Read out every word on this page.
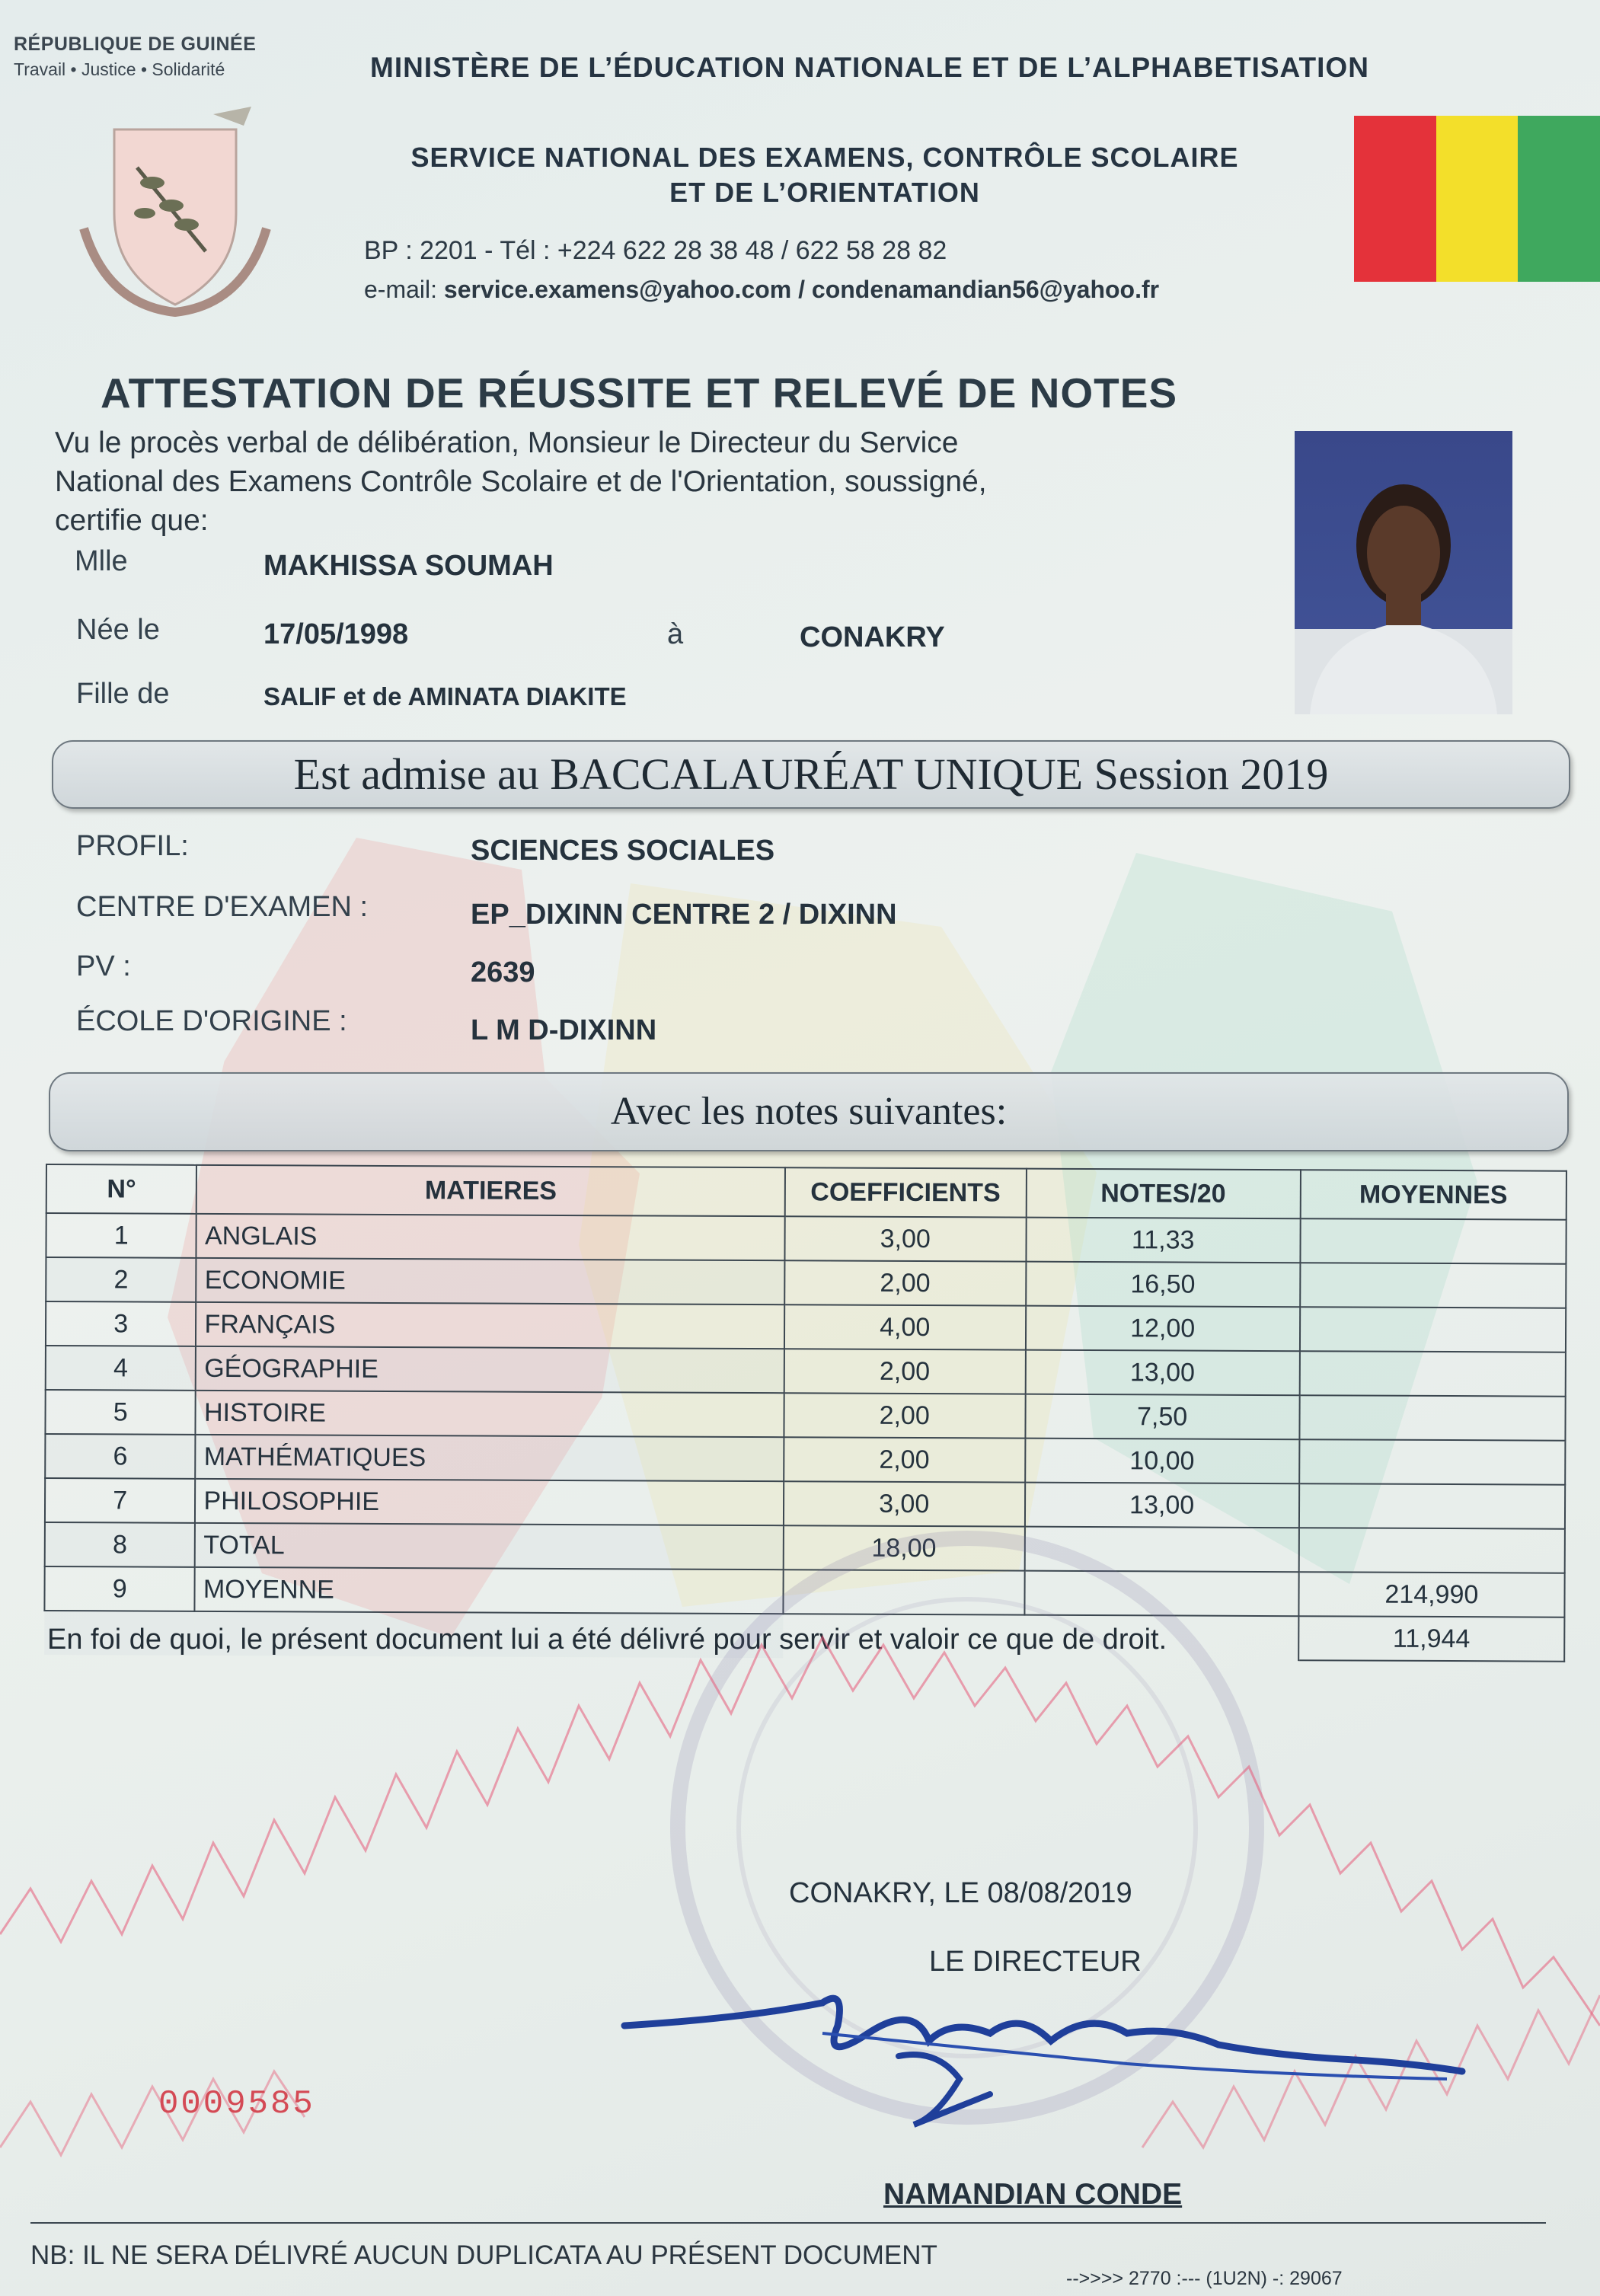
RÉPUBLIQUE DE GUINÉE
Travail • Justice • Solidarité	MINISTÈRE DE L’ÉDUCATION NATIONALE ET DE L’ALPHABETISATION
SERVICE NATIONAL DES EXAMENS, CONTRÔLE SCOLAIRE
ET DE L’ORIENTATION
BP : 2201 - Tél : +224 622 28 38 48 / 622 58 28 82
e-mail: service.examens@yahoo.com / condenamandian56@yahoo.fr
ATTESTATION DE RÉUSSITE ET RELEVÉ DE NOTES
Vu le procès verbal de délibération, Monsieur le Directeur du Service
National des Examens Contrôle Scolaire et de l'Orientation, soussigné,
certifie que:
Mlle	MAKHISSA SOUMAH
Née le	17/05/1998	à	CONAKRY
Fille de	SALIF et de AMINATA DIAKITE
Est admise au BACCALAURÉAT UNIQUE Session 2019
PROFIL:	SCIENCES SOCIALES
CENTRE D'EXAMEN :	EP_DIXINN CENTRE 2 / DIXINN
PV :	2639
ÉCOLE D'ORIGINE :	L M D-DIXINN
Avec les notes suivantes:
N°	MATIERES	COEFFICIENTS	NOTES/20	MOYENNES
1	ANGLAIS	3,00	11,33	
2	ECONOMIE	2,00	16,50	
3	FRANÇAIS	4,00	12,00	
4	GÉOGRAPHIE	2,00	13,00	
5	HISTOIRE	2,00	7,50	
6	MATHÉMATIQUES	2,00	10,00	
7	PHILOSOPHIE	3,00	13,00	
8	TOTAL	18,00		
9	MOYENNE			214,990
				11,944
En foi de quoi, le présent document lui a été délivré pour servir et valoir ce que de droit.
CONAKRY, LE 08/08/2019
LE DIRECTEUR
0009585
NAMANDIAN CONDE
NB: IL NE SERA DÉLIVRÉ AUCUN DUPLICATA AU PRÉSENT DOCUMENT
-->>>> 2770 :--- (1U2N) -: 29067
